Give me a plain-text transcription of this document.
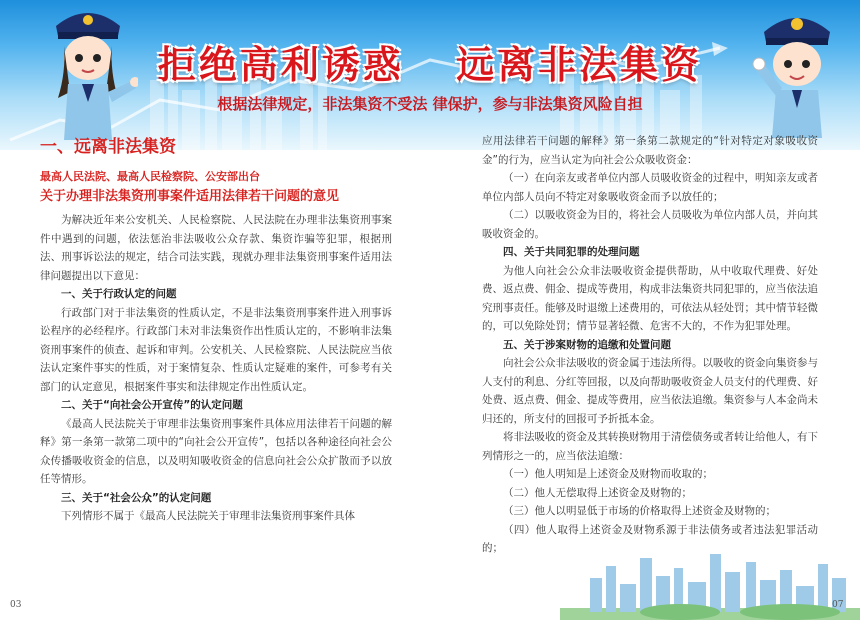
拒绝高利诱惑 远离非法集资
根据法律规定，非法集资不受法 律保护，参与非法集资风险自担

一、远离非法集资

最高人民法院、最高人民检察院、公安部出台

关于办理非法集资刑事案件适用法律若干问题的意见

为解决近年来公安机关、人民检察院、人民法院在办理非法集资刑事案件中遇到的问题，依法惩治非法吸收公众存款、集资诈骗等犯罪，根据刑法、刑事诉讼法的规定，结合司法实践，现就办理非法集资刑事案件适用法律问题提出以下意见：

一、关于行政认定的问题

行政部门对于非法集资的性质认定，不是非法集资刑事案件进入刑事诉讼程序的必经程序。行政部门未对非法集资作出性质认定的，不影响非法集资刑事案件的侦查、起诉和审判。公安机关、人民检察院、人民法院应当依法认定案件事实的性质，对于案情复杂、性质认定疑难的案件，可参考有关部门的认定意见，根据案件事实和法律规定作出性质认定。

二、关于“向社会公开宣传”的认定问题

《最高人民法院关于审理非法集资刑事案件具体应用法律若干问题的解释》第一条第一款第二项中的“向社会公开宣传”，包括以各种途径向社会公众传播吸收资金的信息，以及明知吸收资金的信息向社会公众扩散而予以放任等情形。

三、关于“社会公众”的认定问题

下列情形不属于《最高人民法院关于审理非法集资刑事案件具体

应用法律若干问题的解释》第一条第二款规定的“针对特定对象吸收资金”的行为，应当认定为向社会公众吸收资金：

（一）在向亲友或者单位内部人员吸收资金的过程中，明知亲友或者单位内部人员向不特定对象吸收资金而予以放任的；

（二）以吸收资金为目的，将社会人员吸收为单位内部人员，并向其吸收资金的。

四、关于共同犯罪的处理问题

为他人向社会公众非法吸收资金提供帮助，从中收取代理费、好处费、返点费、佣金、提成等费用，构成非法集资共同犯罪的，应当依法追究刑事责任。能够及时退缴上述费用的，可依法从轻处罚；其中情节轻微的，可以免除处罚；情节显著轻微、危害不大的，不作为犯罪处理。

五、关于涉案财物的追缴和处置问题

向社会公众非法吸收的资金属于违法所得。以吸收的资金向集资参与人支付的利息、分红等回报，以及向帮助吸收资金人员支付的代理费、好处费、返点费、佣金、提成等费用，应当依法追缴。集资参与人本金尚未归还的，所支付的回报可予折抵本金。

将非法吸收的资金及其转换财物用于清偿债务或者转让给他人，有下列情形之一的，应当依法追缴：

（一）他人明知是上述资金及财物而收取的；

（二）他人无偿取得上述资金及财物的；

（三）他人以明显低于市场的价格取得上述资金及财物的；

（四）他人取得上述资金及财物系源于非法债务或者违法犯罪活动的；

03	07
